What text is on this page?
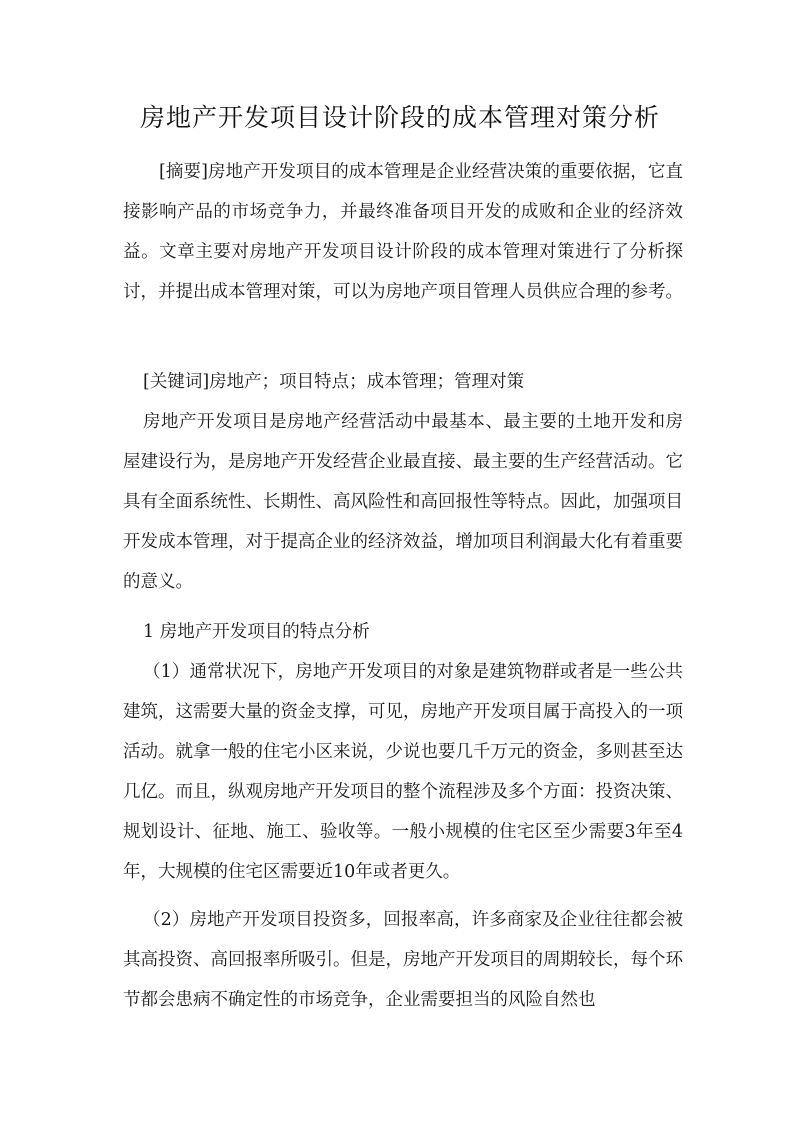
房地产开发项目设计阶段的成本管理对策分析

[摘要]房地产开发项目的成本管理是企业经营决策的重要依据，它直接影响产品的市场竞争力，并最终准备项目开发的成败和企业的经济效益。文章主要对房地产开发项目设计阶段的成本管理对策进行了分析探讨，并提出成本管理对策，可以为房地产项目管理人员供应合理的参考。

[关键词]房地产；项目特点；成本管理；管理对策

房地产开发项目是房地产经营活动中最基本、最主要的土地开发和房屋建设行为，是房地产开发经营企业最直接、最主要的生产经营活动。它具有全面系统性、长期性、高风险性和高回报性等特点。因此，加强项目开发成本管理，对于提高企业的经济效益，增加项目利润最大化有着重要的意义。

1 房地产开发项目的特点分析

（1）通常状况下，房地产开发项目的对象是建筑物群或者是一些公共建筑，这需要大量的资金支撑，可见，房地产开发项目属于高投入的一项活动。就拿一般的住宅小区来说，少说也要几千万元的资金，多则甚至达几亿。而且，纵观房地产开发项目的整个流程涉及多个方面：投资决策、规划设计、征地、施工、验收等。一般小规模的住宅区至少需要3年至4年，大规模的住宅区需要近10年或者更久。

（2）房地产开发项目投资多，回报率高，许多商家及企业往往都会被其高投资、高回报率所吸引。但是，房地产开发项目的周期较长，每个环节都会患病不确定性的市场竞争，企业需要担当的风险自然也
